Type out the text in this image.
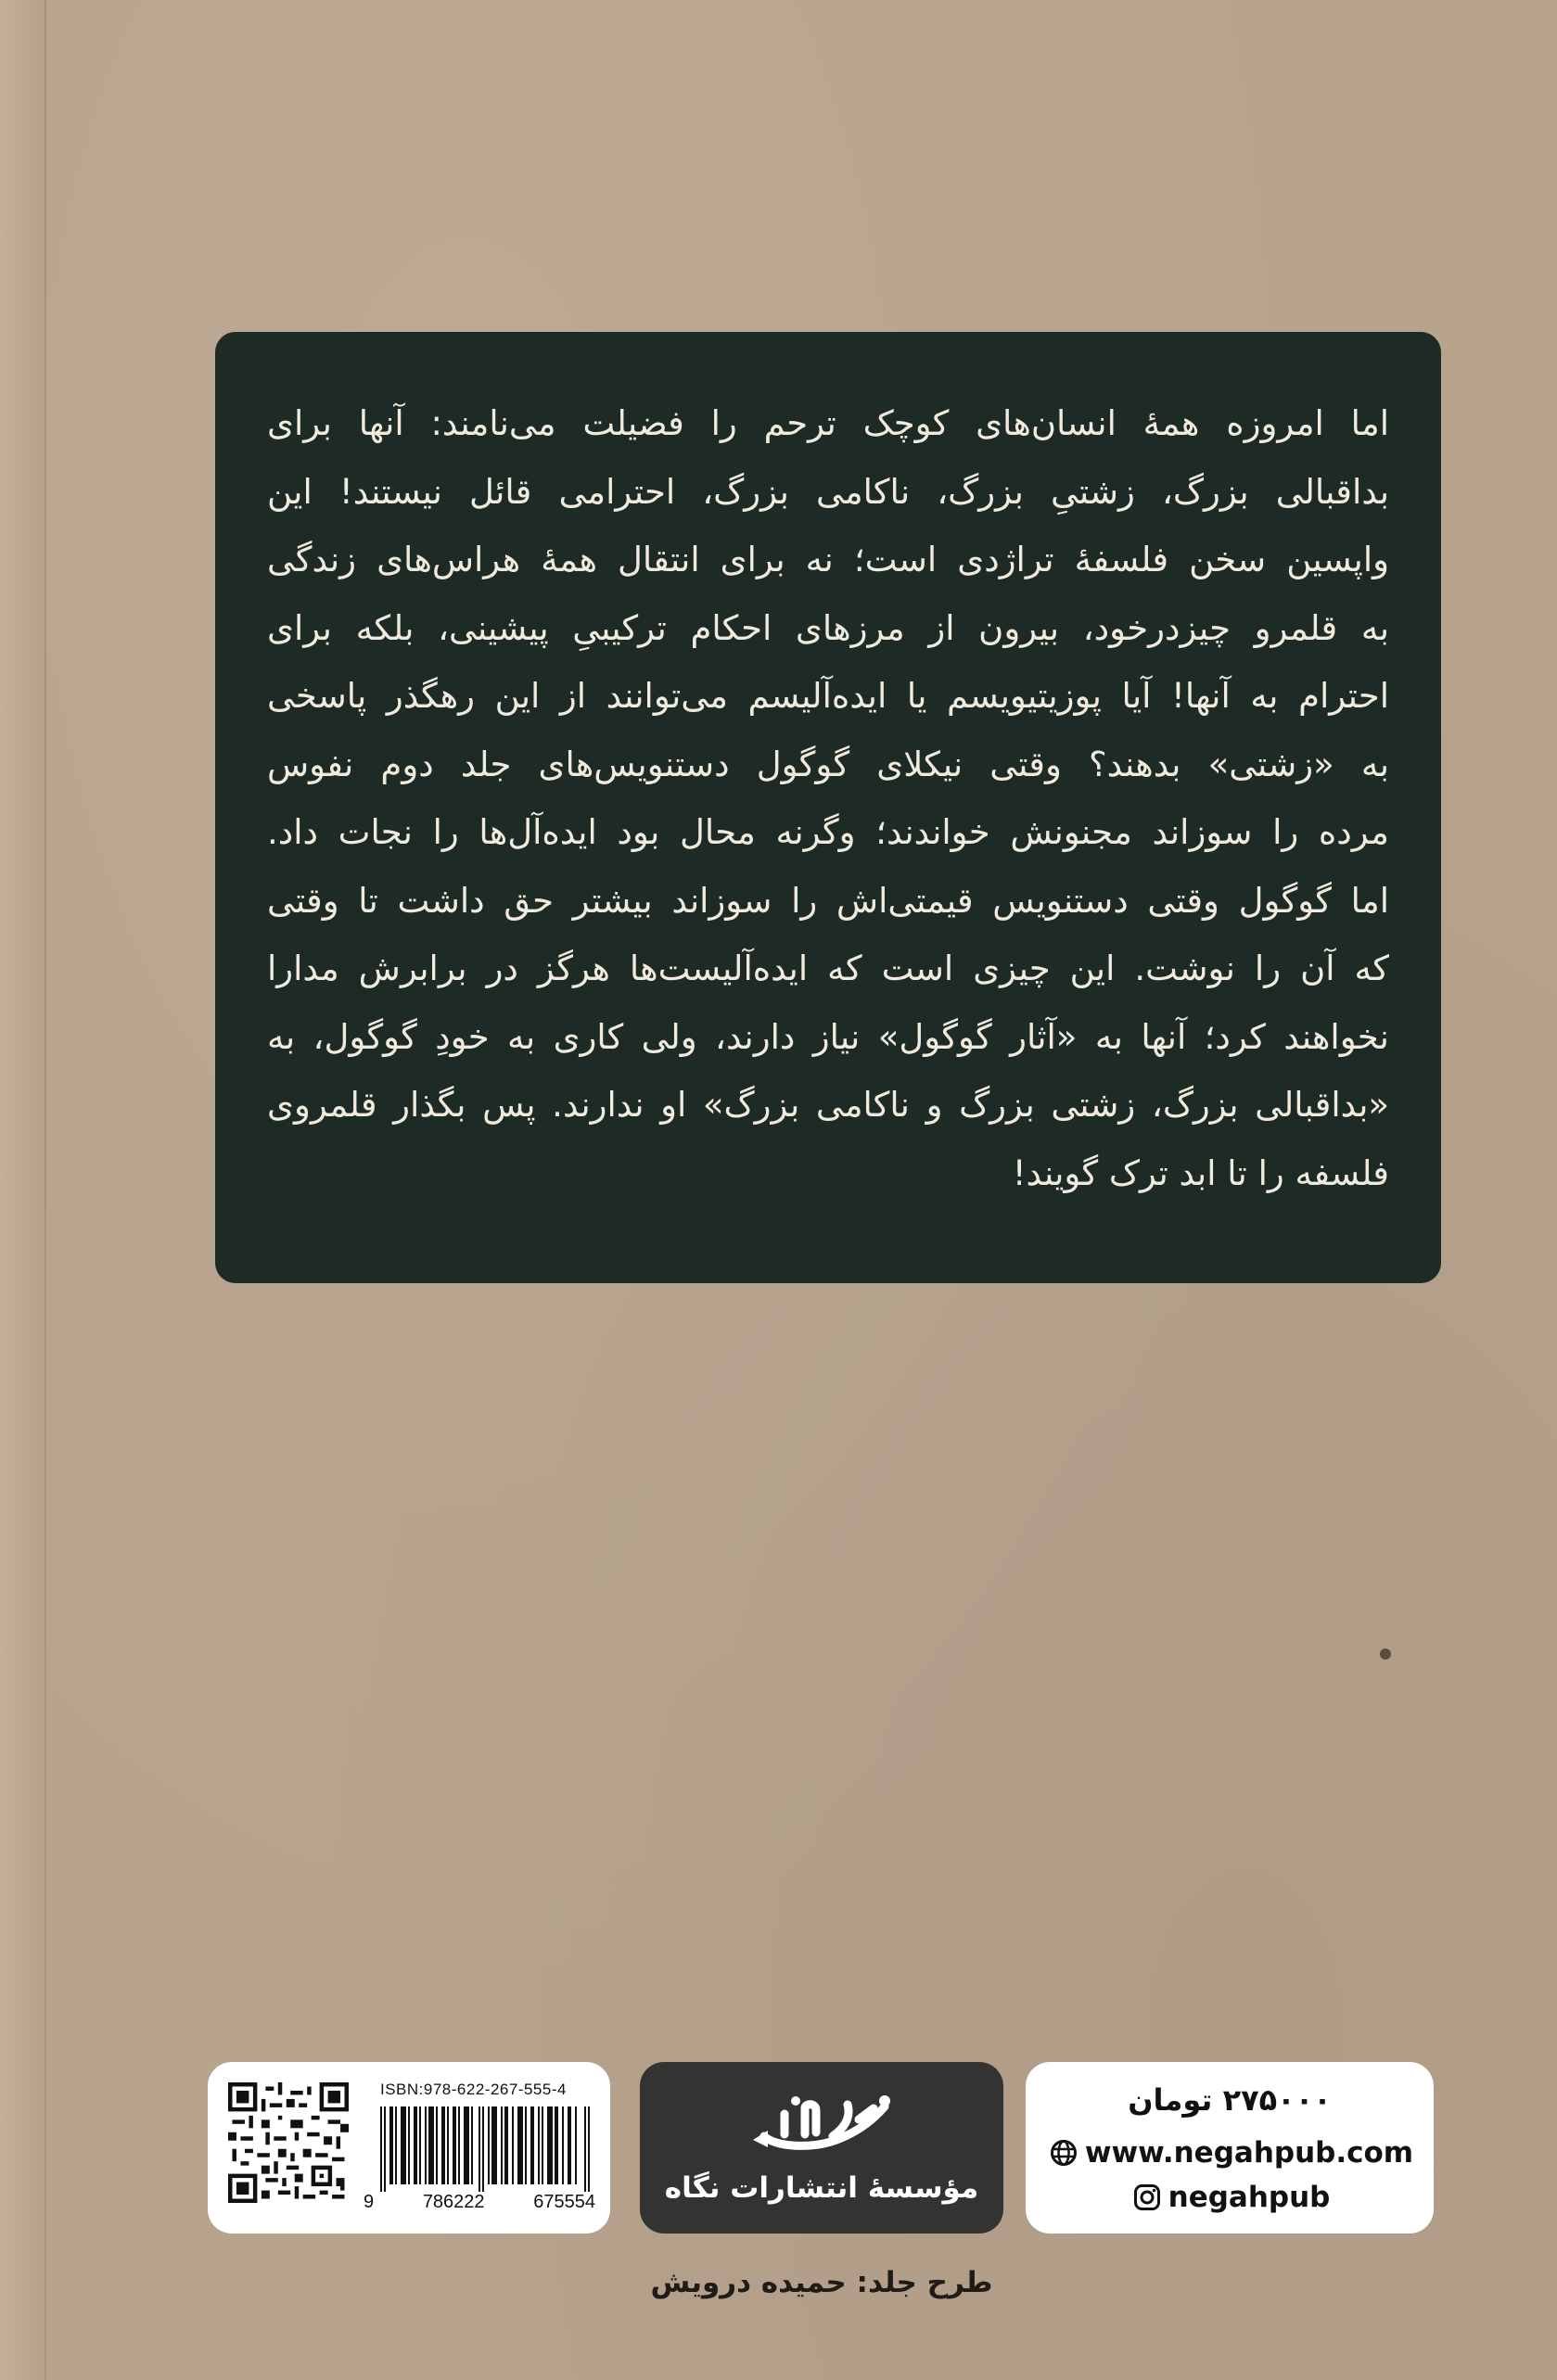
اما امروزه همهٔ انسان‌های کوچک ترحم را فضیلت می‌نامند: آنها برای
بداقبالی بزرگ، زشتیِ بزرگ، ناکامی بزرگ، احترامی قائل نیستند! این
واپسین سخن فلسفهٔ تراژدی است؛ نه برای انتقال همهٔ هراس‌های زندگی
به قلمرو چیزدرخود، بیرون از مرزهای احکام ترکیبیِ پیشینی، بلکه برای
احترام به آنها! آیا پوزیتیویسم یا ایده‌آلیسم می‌توانند از این رهگذر پاسخی
به «زشتی» بدهند؟ وقتی نیکلای گوگول دستنویس‌های جلد دوم نفوس
مرده را سوزاند مجنونش خواندند؛ وگرنه محال بود ایده‌آل‌ها را نجات داد.
اما گوگول وقتی دستنویس قیمتی‌اش را سوزاند بیشتر حق داشت تا وقتی
که آن را نوشت. این چیزی است که ایده‌آلیست‌ها هرگز در برابرش مدارا
نخواهند کرد؛ آنها به «آثار گوگول» نیاز دارند، ولی کاری به خودِ گوگول، به
«بداقبالی بزرگ، زشتی بزرگ و ناکامی بزرگ» او ندارند. پس بگذار قلمروی
فلسفه را تا ابد ترک گویند!
ISBN:978-622-267-555-4
9	786222	675554	مؤسسهٔ انتشارات نگاه
۲۷۵۰۰۰ تومان
www.negahpub.com
negahpub
طرح جلد: حمیده درویش
